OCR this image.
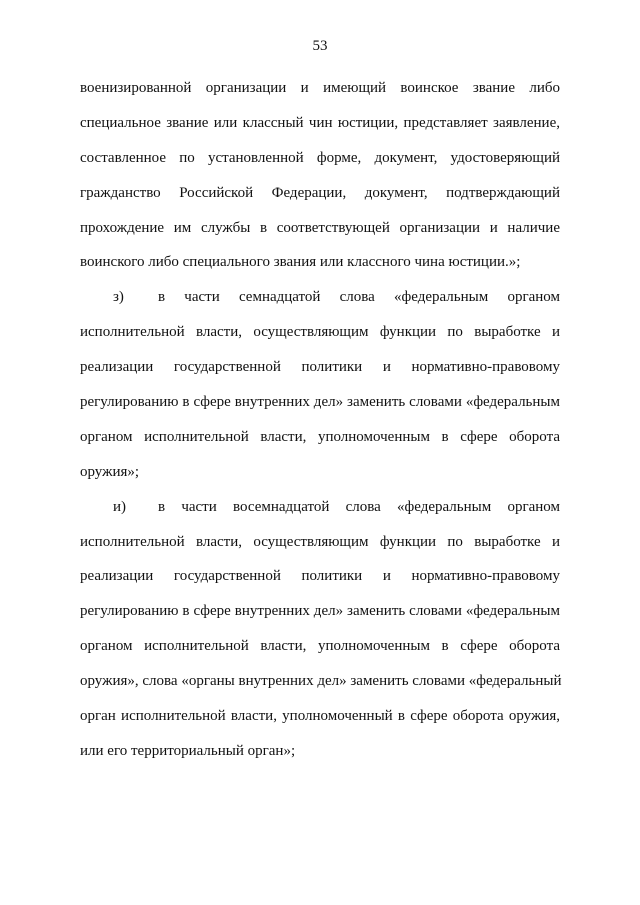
53
военизированной организации и имеющий воинское звание либо
специальное звание или классный чин юстиции, представляет заявление,
составленное по установленной форме, документ, удостоверяющий
гражданство Российской Федерации, документ, подтверждающий
прохождение им службы в соответствующей организации и наличие
воинского либо специального звания или классного чина юстиции.»;
з) в части семнадцатой слова «федеральным органом
исполнительной власти, осуществляющим функции по выработке и
реализации государственной политики и нормативно-правовому
регулированию в сфере внутренних дел» заменить словами «федеральным
органом исполнительной власти, уполномоченным в сфере оборота
оружия»;
и) в части восемнадцатой слова «федеральным органом
исполнительной власти, осуществляющим функции по выработке и
реализации государственной политики и нормативно-правовому
регулированию в сфере внутренних дел» заменить словами «федеральным
органом исполнительной власти, уполномоченным в сфере оборота
оружия», слова «органы внутренних дел» заменить словами «федеральный
орган исполнительной власти, уполномоченный в сфере оборота оружия,
или его территориальный орган»;
